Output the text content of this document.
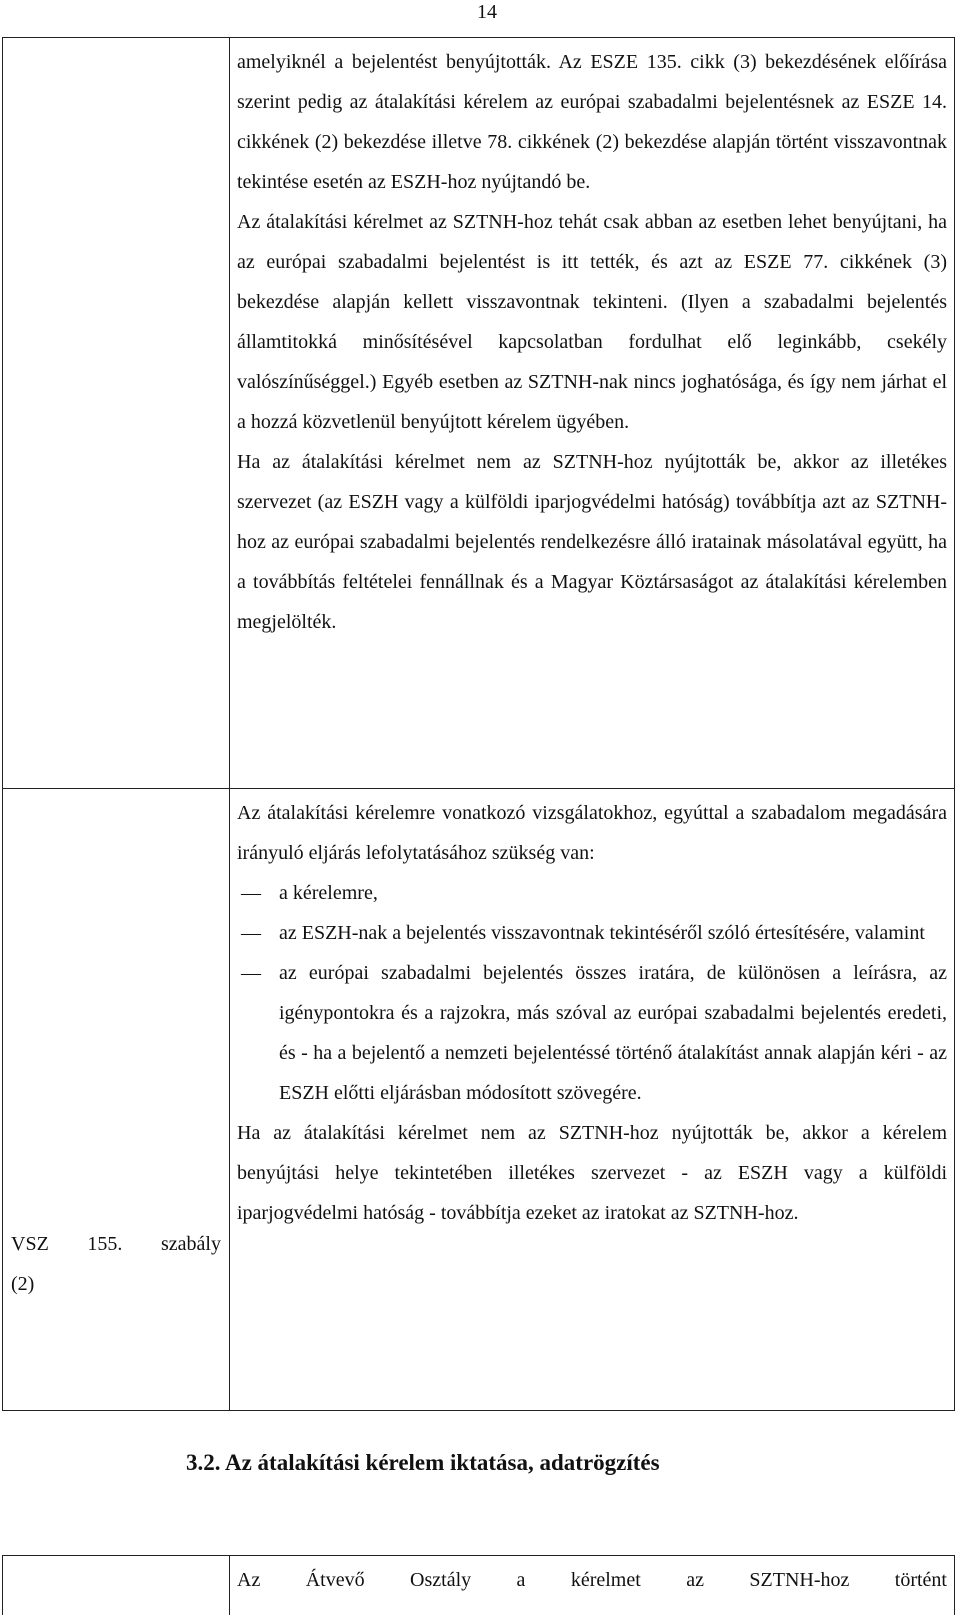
14

amelyiknél a bejelentést benyújtották. Az ESZE 135. cikk (3) bekezdésének előírása szerint pedig az átalakítási kérelem az európai szabadalmi bejelentésnek az ESZE 14. cikkének (2) bekezdése illetve 78. cikkének (2) bekezdése alapján történt visszavontnak tekintése esetén az ESZH-hoz nyújtandó be.

Az átalakítási kérelmet az SZTNH-hoz tehát csak abban az esetben lehet benyújtani, ha az európai szabadalmi bejelentést is itt tették, és azt az ESZE 77. cikkének (3) bekezdése alapján kellett visszavontnak tekinteni. (Ilyen a szabadalmi bejelentés államtitokká minősítésével kapcsolatban fordulhat elő leginkább, csekély valószínűséggel.) Egyéb esetben az SZTNH-nak nincs joghatósága, és így nem járhat el a hozzá közvetlenül benyújtott kérelem ügyében.

Ha az átalakítási kérelmet nem az SZTNH-hoz nyújtották be, akkor az illetékes szervezet (az ESZH vagy a külföldi iparjogvédelmi hatóság) továbbítja azt az SZTNH-hoz az európai szabadalmi bejelentés rendelkezésre álló iratainak másolatával együtt, ha a továbbítás feltételei fennállnak és a Magyar Köztársaságot az átalakítási kérelemben megjelölték.

VSZ 155. szabály
(2)

Az átalakítási kérelemre vonatkozó vizsgálatokhoz, egyúttal a szabadalom megadására irányuló eljárás lefolytatásához szükség van:

— a kérelemre,
— az ESZH-nak a bejelentés visszavontnak tekintéséről szóló értesítésére, valamint
— az európai szabadalmi bejelentés összes iratára, de különösen a leírásra, az igénypontokra és a rajzokra, más szóval az európai szabadalmi bejelentés eredeti, és - ha a bejelentő a nemzeti bejelentéssé történő átalakítást annak alapján kéri - az ESZH előtti eljárásban módosított szövegére.

Ha az átalakítási kérelmet nem az SZTNH-hoz nyújtották be, akkor a kérelem benyújtási helye tekintetében illetékes szervezet - az ESZH vagy a külföldi iparjogvédelmi hatóság - továbbítja ezeket az iratokat az SZTNH-hoz.

3.2. Az átalakítási kérelem iktatása, adatrögzítés
Az Átvevő Osztály a kérelmet az SZTNH-hoz történt
